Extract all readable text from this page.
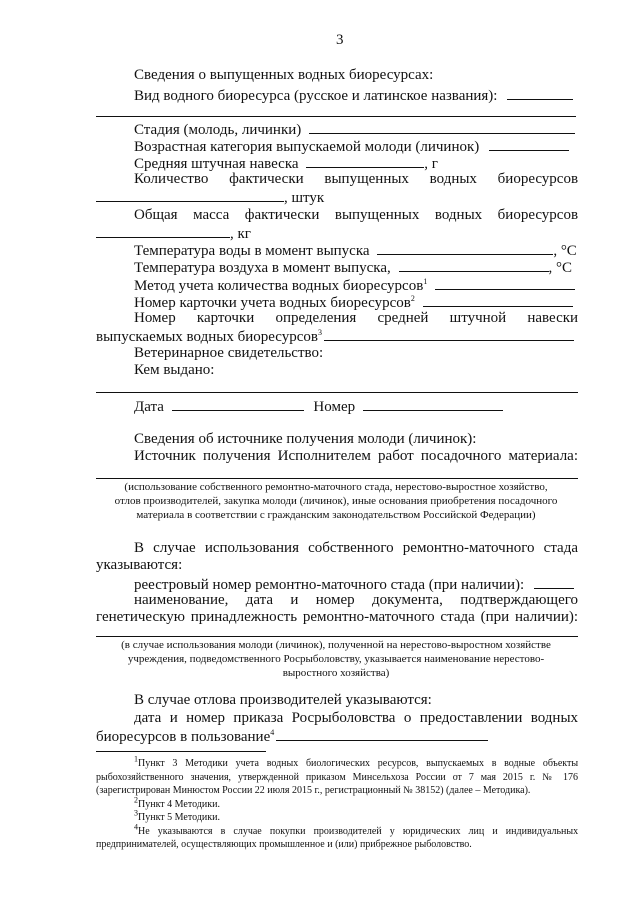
3
Сведения о выпущенных водных биоресурсах:
Вид водного биоресурса (русское и латинское названия):
Стадия (молодь, личинки)
Возрастная категория выпускаемой молоди (личинок)
Средняя штучная навеска	, г
Количество фактически выпущенных водных биоресурсов
, штук
Общая масса фактически выпущенных водных биоресурсов
, кг
Температура воды в момент выпуска	, °С
Температура воздуха в момент выпуска,	, °С
Метод учета количества водных биоресурсов$^1$
Номер карточки учета водных биоресурсов$^2$
Номер карточки определения средней штучной навески
выпускаемых водных биоресурсов$^3$
Ветеринарное свидетельство:
Кем выдано:
Дата	Номер
Сведения об источнике получения молоди (личинок):
Источник получения Исполнителем работ посадочного материала:
(использование собственного ремонтно-маточного стада, нерестово-выростное хозяйство,
отлов производителей, закупка молоди (личинок), иные основания приобретения посадочного
материала в соответствии с гражданским законодательством Российской Федерации)
В случае использования собственного ремонтно-маточного стада
указываются:
реестровый номер ремонтно-маточного стада (при наличии):
наименование, дата и номер документа, подтверждающего
генетическую принадлежность ремонтно-маточного стада (при наличии):
(в случае использования молоди (личинок), полученной на нерестово-выростном хозяйстве
учреждения, подведомственного Росрыболовству, указывается наименование нерестово-
выростного хозяйства)
В случае отлова производителей указываются:
дата и номер приказа Росрыболовства о предоставлении водных
биоресурсов в пользование$^4$
$^1$Пункт 3 Методики учета водных биологических ресурсов, выпускаемых в водные объекты
рыбохозяйственного значения, утвержденной приказом Минсельхоза России от 7 мая 2015 г. № 176
(зарегистрирован Минюстом России 22 июля 2015 г., регистрационный № 38152) (далее – Методика).
$^2$Пункт 4 Методики.
$^3$Пункт 5 Методики.
$^4$Не указываются в случае покупки производителей у юридических лиц и индивидуальных
предпринимателей, осуществляющих промышленное и (или) прибрежное рыболовство.
